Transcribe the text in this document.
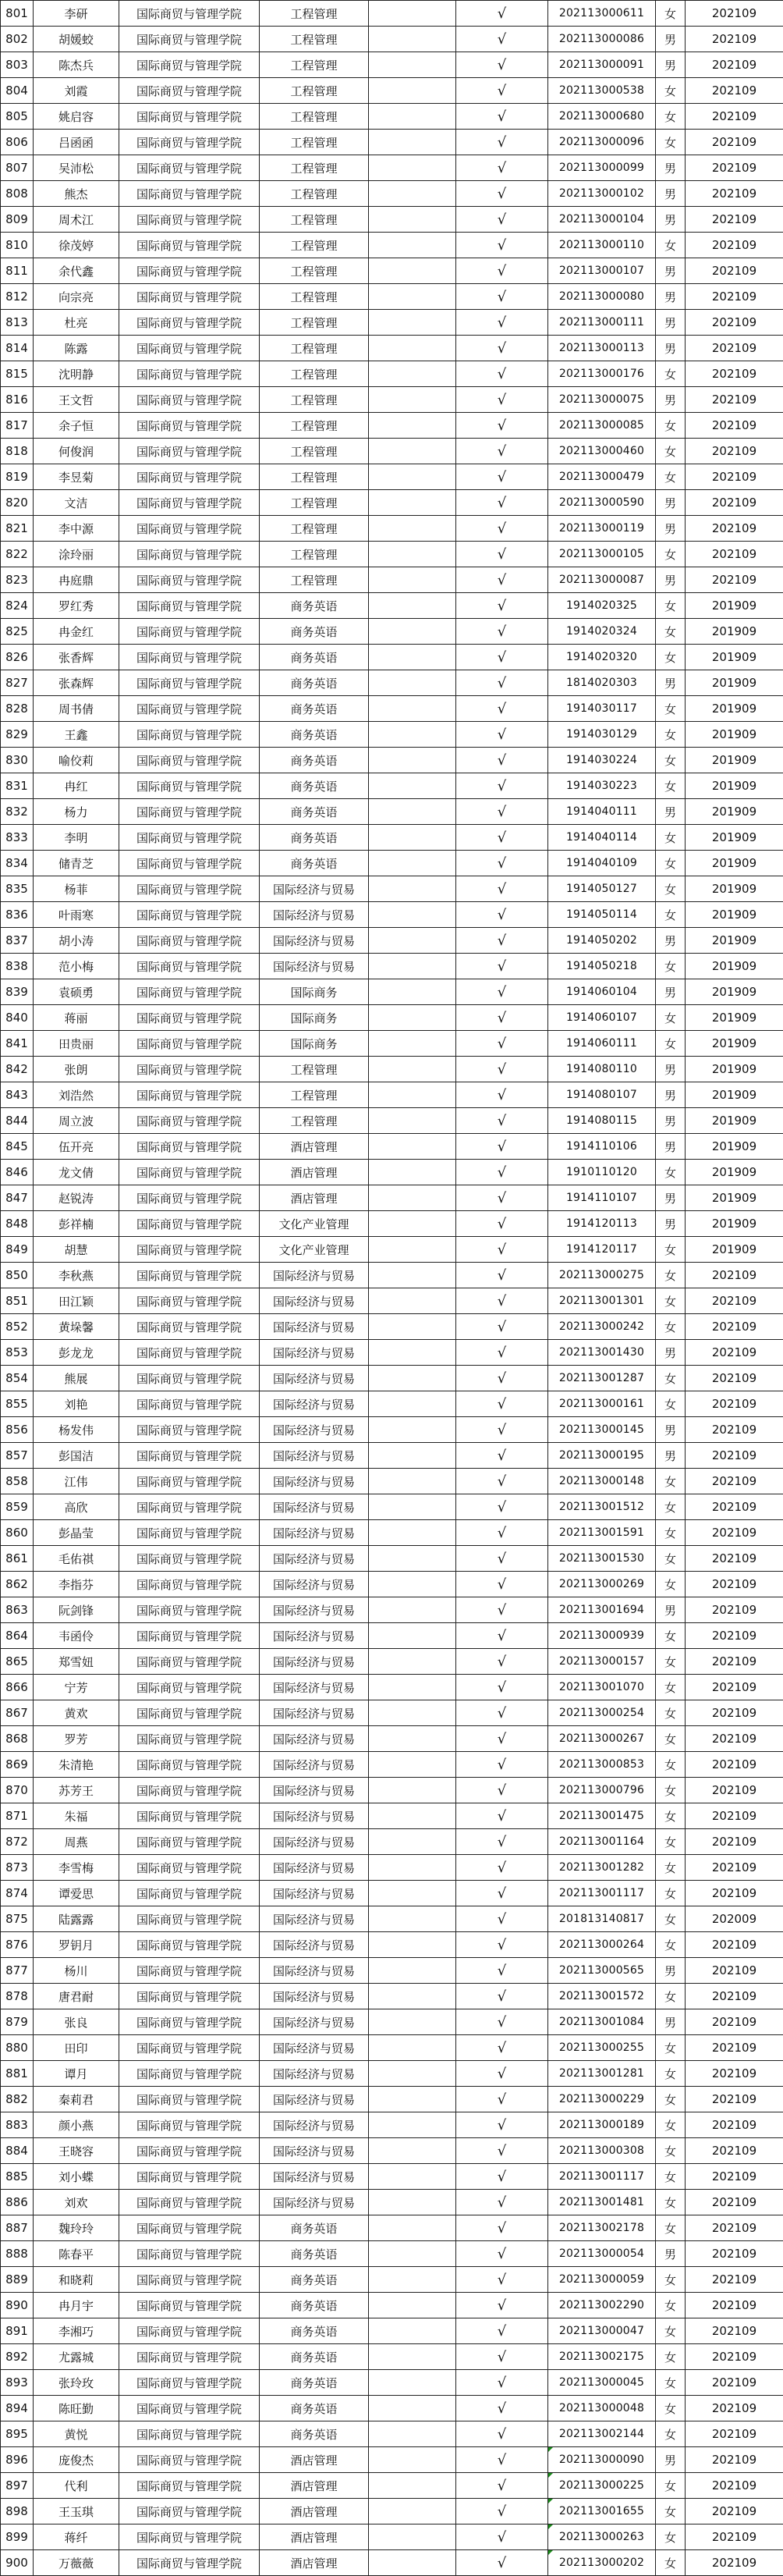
801	李研	国际商贸与管理学院	工程管理		√	202113000611	女	202109
802	胡媛蛟	国际商贸与管理学院	工程管理		√	202113000086	男	202109
803	陈杰兵	国际商贸与管理学院	工程管理		√	202113000091	男	202109
804	刘霞	国际商贸与管理学院	工程管理		√	202113000538	女	202109
805	姚启容	国际商贸与管理学院	工程管理		√	202113000680	女	202109
806	吕函函	国际商贸与管理学院	工程管理		√	202113000096	女	202109
807	吴沛松	国际商贸与管理学院	工程管理		√	202113000099	男	202109
808	熊杰	国际商贸与管理学院	工程管理		√	202113000102	男	202109
809	周术江	国际商贸与管理学院	工程管理		√	202113000104	男	202109
810	徐茂婷	国际商贸与管理学院	工程管理		√	202113000110	女	202109
811	余代鑫	国际商贸与管理学院	工程管理		√	202113000107	男	202109
812	向宗亮	国际商贸与管理学院	工程管理		√	202113000080	男	202109
813	杜亮	国际商贸与管理学院	工程管理		√	202113000111	男	202109
814	陈露	国际商贸与管理学院	工程管理		√	202113000113	男	202109
815	沈明静	国际商贸与管理学院	工程管理		√	202113000176	女	202109
816	王文哲	国际商贸与管理学院	工程管理		√	202113000075	男	202109
817	余子恒	国际商贸与管理学院	工程管理		√	202113000085	女	202109
818	何俊润	国际商贸与管理学院	工程管理		√	202113000460	女	202109
819	李昱菊	国际商贸与管理学院	工程管理		√	202113000479	女	202109
820	文洁	国际商贸与管理学院	工程管理		√	202113000590	男	202109
821	李中源	国际商贸与管理学院	工程管理		√	202113000119	男	202109
822	涂玲丽	国际商贸与管理学院	工程管理		√	202113000105	女	202109
823	冉庭鼎	国际商贸与管理学院	工程管理		√	202113000087	男	202109
824	罗红秀	国际商贸与管理学院	商务英语		√	1914020325	女	201909
825	冉金红	国际商贸与管理学院	商务英语		√	1914020324	女	201909
826	张香辉	国际商贸与管理学院	商务英语		√	1914020320	女	201909
827	张森辉	国际商贸与管理学院	商务英语		√	1814020303	男	201909
828	周书倩	国际商贸与管理学院	商务英语		√	1914030117	女	201909
829	王鑫	国际商贸与管理学院	商务英语		√	1914030129	女	201909
830	喻佼莉	国际商贸与管理学院	商务英语		√	1914030224	女	201909
831	冉红	国际商贸与管理学院	商务英语		√	1914030223	女	201909
832	杨力	国际商贸与管理学院	商务英语		√	1914040111	男	201909
833	李明	国际商贸与管理学院	商务英语		√	1914040114	女	201909
834	储青芝	国际商贸与管理学院	商务英语		√	1914040109	女	201909
835	杨菲	国际商贸与管理学院	国际经济与贸易		√	1914050127	女	201909
836	叶雨寒	国际商贸与管理学院	国际经济与贸易		√	1914050114	女	201909
837	胡小涛	国际商贸与管理学院	国际经济与贸易		√	1914050202	男	201909
838	范小梅	国际商贸与管理学院	国际经济与贸易		√	1914050218	女	201909
839	袁硕勇	国际商贸与管理学院	国际商务		√	1914060104	男	201909
840	蒋丽	国际商贸与管理学院	国际商务		√	1914060107	女	201909
841	田贵丽	国际商贸与管理学院	国际商务		√	1914060111	女	201909
842	张朗	国际商贸与管理学院	工程管理		√	1914080110	男	201909
843	刘浩然	国际商贸与管理学院	工程管理		√	1914080107	男	201909
844	周立波	国际商贸与管理学院	工程管理		√	1914080115	男	201909
845	伍开亮	国际商贸与管理学院	酒店管理		√	1914110106	男	201909
846	龙文倩	国际商贸与管理学院	酒店管理		√	1910110120	女	201909
847	赵锐涛	国际商贸与管理学院	酒店管理		√	1914110107	男	201909
848	彭祥楠	国际商贸与管理学院	文化产业管理		√	1914120113	男	201909
849	胡慧	国际商贸与管理学院	文化产业管理		√	1914120117	女	201909
850	李秋燕	国际商贸与管理学院	国际经济与贸易		√	202113000275	女	202109
851	田江颖	国际商贸与管理学院	国际经济与贸易		√	202113001301	女	202109
852	黄垛馨	国际商贸与管理学院	国际经济与贸易		√	202113000242	女	202109
853	彭龙龙	国际商贸与管理学院	国际经济与贸易		√	202113001430	男	202109
854	熊展	国际商贸与管理学院	国际经济与贸易		√	202113001287	女	202109
855	刘艳	国际商贸与管理学院	国际经济与贸易		√	202113000161	女	202109
856	杨发伟	国际商贸与管理学院	国际经济与贸易		√	202113000145	男	202109
857	彭国洁	国际商贸与管理学院	国际经济与贸易		√	202113000195	男	202109
858	江伟	国际商贸与管理学院	国际经济与贸易		√	202113000148	女	202109
859	高欣	国际商贸与管理学院	国际经济与贸易		√	202113001512	女	202109
860	彭晶莹	国际商贸与管理学院	国际经济与贸易		√	202113001591	女	202109
861	毛佑祺	国际商贸与管理学院	国际经济与贸易		√	202113001530	女	202109
862	李指芬	国际商贸与管理学院	国际经济与贸易		√	202113000269	女	202109
863	阮剑锋	国际商贸与管理学院	国际经济与贸易		√	202113001694	男	202109
864	韦函伶	国际商贸与管理学院	国际经济与贸易		√	202113000939	女	202109
865	郑雪妞	国际商贸与管理学院	国际经济与贸易		√	202113000157	女	202109
866	宁芳	国际商贸与管理学院	国际经济与贸易		√	202113001070	女	202109
867	黄欢	国际商贸与管理学院	国际经济与贸易		√	202113000254	女	202109
868	罗芳	国际商贸与管理学院	国际经济与贸易		√	202113000267	女	202109
869	朱清艳	国际商贸与管理学院	国际经济与贸易		√	202113000853	女	202109
870	苏芳王	国际商贸与管理学院	国际经济与贸易		√	202113000796	女	202109
871	朱福	国际商贸与管理学院	国际经济与贸易		√	202113001475	女	202109
872	周燕	国际商贸与管理学院	国际经济与贸易		√	202113001164	女	202109
873	李雪梅	国际商贸与管理学院	国际经济与贸易		√	202113001282	女	202109
874	谭爱思	国际商贸与管理学院	国际经济与贸易		√	202113001117	女	202109
875	陆露露	国际商贸与管理学院	国际经济与贸易		√	201813140817	女	202009
876	罗钥月	国际商贸与管理学院	国际经济与贸易		√	202113000264	女	202109
877	杨川	国际商贸与管理学院	国际经济与贸易		√	202113000565	男	202109
878	唐君耐	国际商贸与管理学院	国际经济与贸易		√	202113001572	女	202109
879	张良	国际商贸与管理学院	国际经济与贸易		√	202113001084	男	202109
880	田印	国际商贸与管理学院	国际经济与贸易		√	202113000255	女	202109
881	谭月	国际商贸与管理学院	国际经济与贸易		√	202113001281	女	202109
882	秦莉君	国际商贸与管理学院	国际经济与贸易		√	202113000229	女	202109
883	颜小燕	国际商贸与管理学院	国际经济与贸易		√	202113000189	女	202109
884	王晓容	国际商贸与管理学院	国际经济与贸易		√	202113000308	女	202109
885	刘小蝶	国际商贸与管理学院	国际经济与贸易		√	202113001117	女	202109
886	刘欢	国际商贸与管理学院	国际经济与贸易		√	202113001481	女	202109
887	魏玲玲	国际商贸与管理学院	商务英语		√	202113002178	女	202109
888	陈春平	国际商贸与管理学院	商务英语		√	202113000054	男	202109
889	和晓莉	国际商贸与管理学院	商务英语		√	202113000059	女	202109
890	冉月宇	国际商贸与管理学院	商务英语		√	202113002290	女	202109
891	李湘巧	国际商贸与管理学院	商务英语		√	202113000047	女	202109
892	尤露城	国际商贸与管理学院	商务英语		√	202113002175	女	202109
893	张玲玫	国际商贸与管理学院	商务英语		√	202113000045	女	202109
894	陈旺勤	国际商贸与管理学院	商务英语		√	202113000048	女	202109
895	黄悦	国际商贸与管理学院	商务英语		√	202113002144	女	202109
896	庞俊杰	国际商贸与管理学院	酒店管理		√	202113000090	男	202109
897	代利	国际商贸与管理学院	酒店管理		√	202113000225	女	202109
898	王玉琪	国际商贸与管理学院	酒店管理		√	202113001655	女	202109
899	蒋纤	国际商贸与管理学院	酒店管理		√	202113000263	女	202109
900	万薇薇	国际商贸与管理学院	酒店管理		√	202113000202	女	202109
